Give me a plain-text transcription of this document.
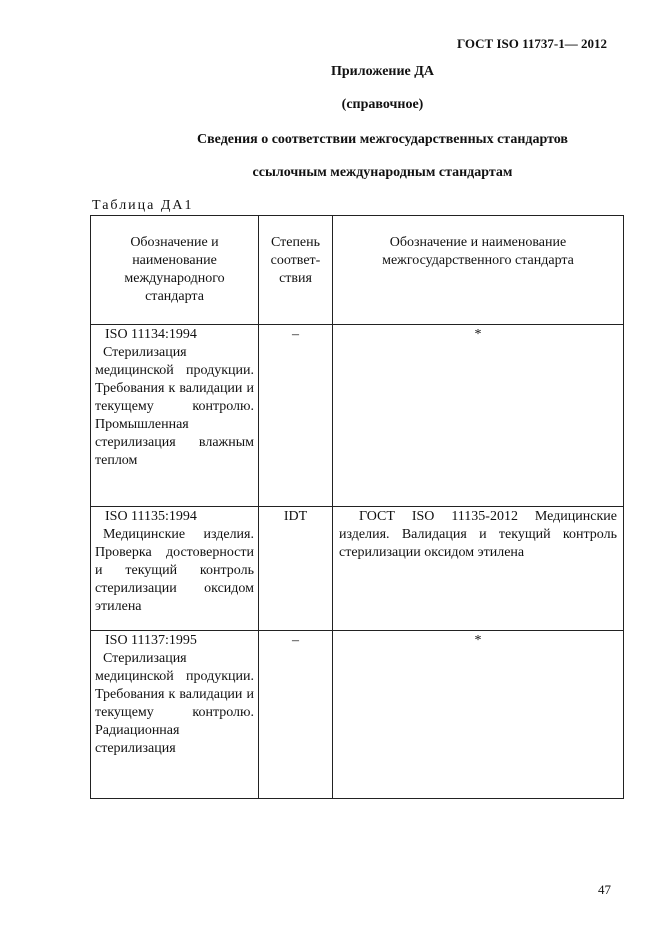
ГОСТ ISO 11737-1— 2012
Приложение ДА
(справочное)
Сведения о соответствии межгосударственных стандартов
ссылочным международным стандартам
Таблица ДА1
Обозначение и наименование международного стандарта	Степень соответ-ствия	Обозначение и наименование межгосударственного стандарта

ISO 11134:1994
Стерилизация медицинской продукции. Требования к валидации и текущему контролю. Промышленная стерилизация влажным теплом	–	*

ISO 11135:1994
Медицинские изделия. Проверка достоверности и текущий контроль стерилизации оксидом этилена	IDT	ГОСТ ISO 11135-2012 Медицинские изделия. Валидация и текущий контроль стерилизации оксидом этилена

ISO 11137:1995
Стерилизация медицинской продукции. Требования к валидации и текущему контролю. Радиационная стерилизация	–	*
47
